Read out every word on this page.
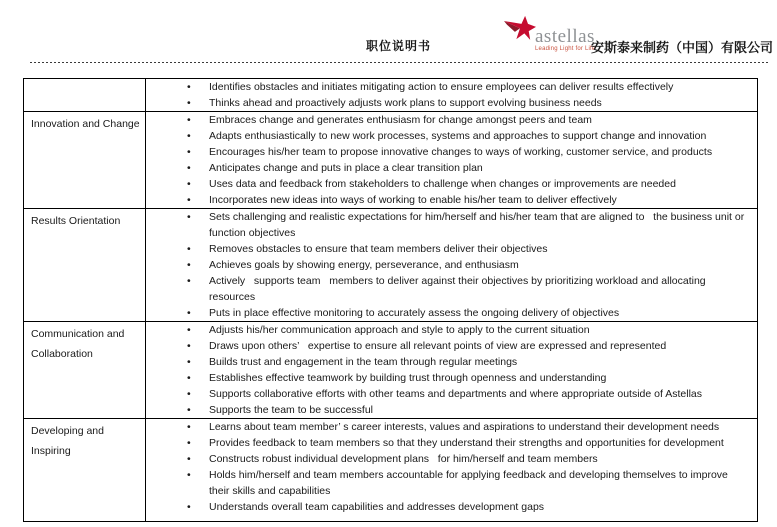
职位说明书	astellas
Leading Light for Life
安斯泰来制药（中国）有限公司

• Identifies obstacles and initiates mitigating action to ensure employees can deliver results effectively
• Thinks ahead and proactively adjusts work plans to support evolving business needs

Innovation and Change	
•Embraces change and generates enthusiasm for change amongst peers and team
• Adapts enthusiastically to new work processes, systems and approaches to support change and innovation
• Encourages his/her team to propose innovative changes to ways of working, customer service, and products
• Anticipates change and puts in place a clear transition plan
• Uses data and feedback from stakeholders to challenge when changes or improvements are needed
• Incorporates new ideas into ways of working to enable his/her team to deliver effectively

Results Orientation	
•Sets challenging and realistic expectations for him/herself and his/her team that are aligned to   the business unit or function objectives
• Removes obstacles to ensure that team members deliver their objectives
• Achieves goals by showing energy, perseverance, and enthusiasm
• Actively   supports team   members to deliver against their objectives by prioritizing workload and allocating resources
• Puts in place effective monitoring to accurately assess the ongoing delivery of objectives

Communication and Collaboration	
• Adjusts his/her communication approach and style to apply to the current situation
• Draws upon others’   expertise to ensure all relevant points of view are expressed and represented
• Builds trust and engagement in the team through regular meetings
• Establishes effective teamwork by building trust through openness and understanding
• Supports collaborative efforts with other teams and departments and where appropriate outside of Astellas
• Supports the team to be successful

Developing and Inspiring	
• Learns about team member’ s career interests, values and aspirations to understand their development needs
• Provides feedback to team members so that they understand their strengths and opportunities for development
• Constructs robust individual development plans   for him/herself and team members
• Holds him/herself and team members accountable for applying feedback and developing themselves to improve their skills and capabilities
• Understands overall team capabilities and addresses development gaps
